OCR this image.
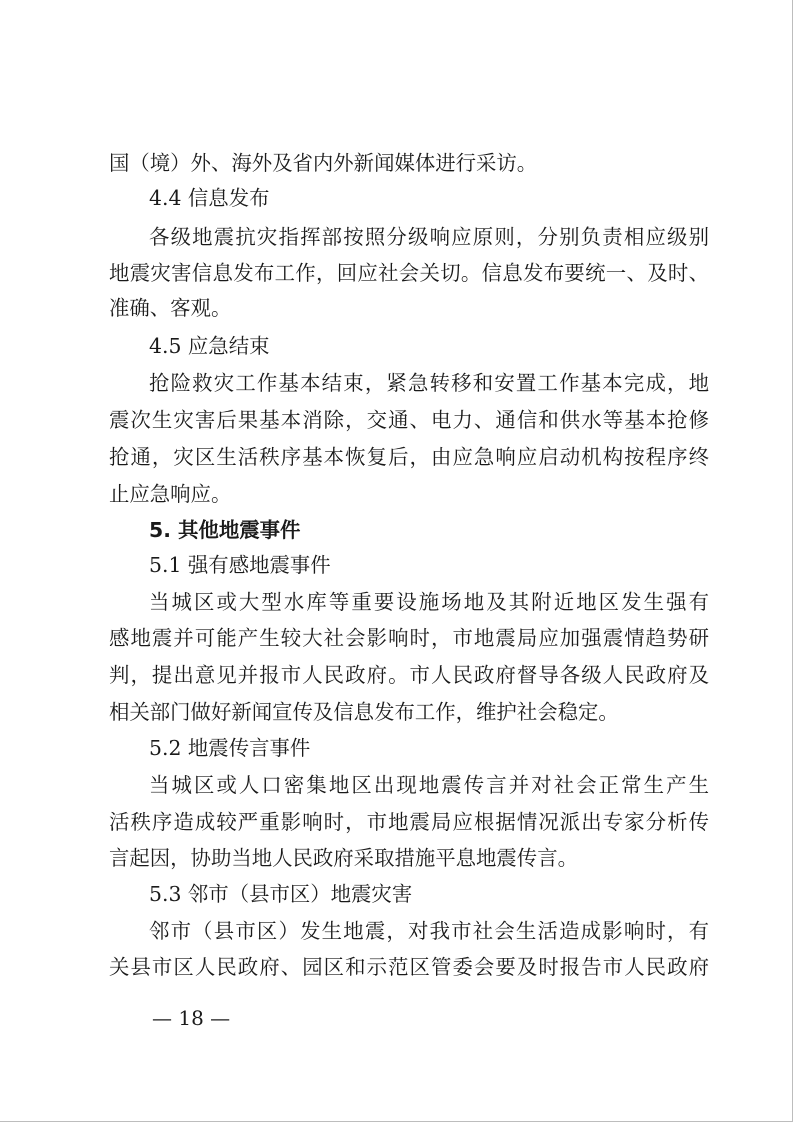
国（境）外、海外及省内外新闻媒体进行采访。
4.4 信息发布
各级地震抗灾指挥部按照分级响应原则，分别负责相应级别
地震灾害信息发布工作，回应社会关切。信息发布要统一、及时、
准确、客观。
4.5 应急结束
抢险救灾工作基本结束，紧急转移和安置工作基本完成，地
震次生灾害后果基本消除，交通、电力、通信和供水等基本抢修
抢通，灾区生活秩序基本恢复后，由应急响应启动机构按程序终
止应急响应。
5. 其他地震事件
5.1 强有感地震事件
当城区或大型水库等重要设施场地及其附近地区发生强有
感地震并可能产生较大社会影响时，市地震局应加强震情趋势研
判，提出意见并报市人民政府。市人民政府督导各级人民政府及
相关部门做好新闻宣传及信息发布工作，维护社会稳定。
5.2 地震传言事件
当城区或人口密集地区出现地震传言并对社会正常生产生
活秩序造成较严重影响时，市地震局应根据情况派出专家分析传
言起因，协助当地人民政府采取措施平息地震传言。
5.3 邻市（县市区）地震灾害
邻市（县市区）发生地震，对我市社会生活造成影响时，有
关县市区人民政府、园区和示范区管委会要及时报告市人民政府
— 18 —
